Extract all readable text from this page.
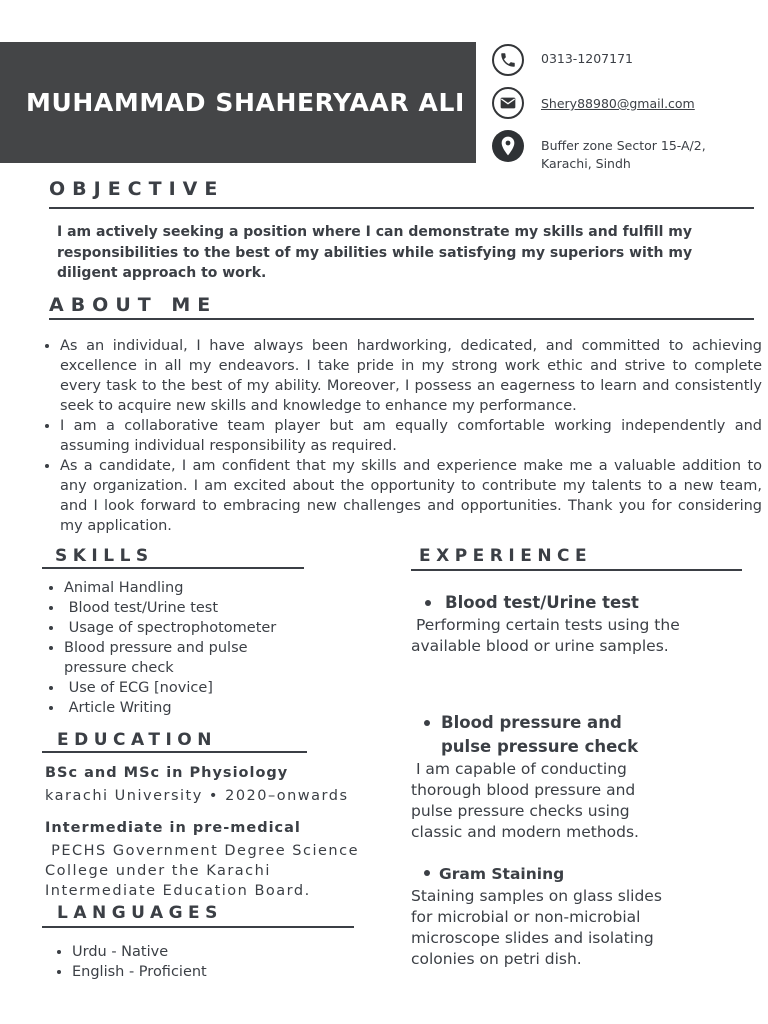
MUHAMMAD SHAHERYAAR ALI
0313-1207171
Shery88980@gmail.com
Buffer zone Sector 15-A/2,
Karachi, Sindh
OBJECTIVE
I am actively seeking a position where I can demonstrate my skills and fulfill my responsibilities to the best of my abilities while satisfying my superiors with my diligent approach to work.
ABOUT ME
• As an individual, I have always been hardworking, dedicated, and committed to achieving excellence in all my endeavors. I take pride in my strong work ethic and strive to complete every task to the best of my ability. Moreover, I possess an eagerness to learn and consistently seek to acquire new skills and knowledge to enhance my performance.
• I am a collaborative team player but am equally comfortable working independently and assuming individual responsibility as required.
• As a candidate, I am confident that my skills and experience make me a valuable addition to any organization. I am excited about the opportunity to contribute my talents to a new team, and I look forward to embracing new challenges and opportunities. Thank you for considering my application.
SKILLS
• Animal Handling
•  Blood test/Urine test
•  Usage of spectrophotometer
• Blood pressure and pulse pressure check
•  Use of ECG [novice]
•  Article Writing
EDUCATION
BSc and MSc in Physiology
karachi University • 2020–onwards
Intermediate in pre-medical
PECHS Government Degree Science College under the Karachi Intermediate Education Board.
LANGUAGES
• Urdu - Native
• English - Proficient
EXPERIENCE
Blood test/Urine test
Performing certain tests using the available blood or urine samples.
Blood pressure and pulse pressure check
I am capable of conducting thorough blood pressure and pulse pressure checks using classic and modern methods.
Gram Staining
Staining samples on glass slides for microbial or non-microbial microscope slides and isolating colonies on petri dish.
